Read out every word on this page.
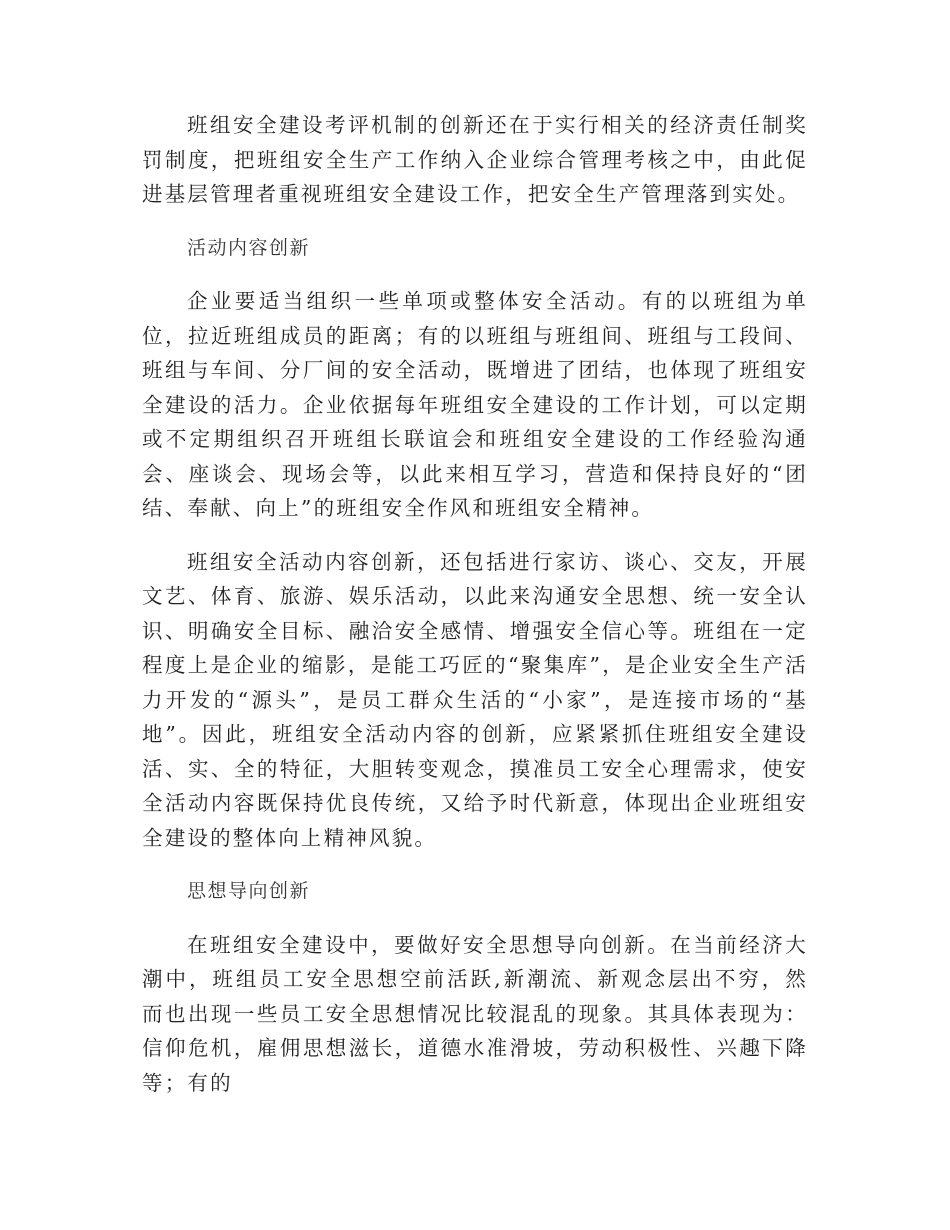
班组安全建设考评机制的创新还在于实行相关的经济责任制奖罚制度，把班组安全生产工作纳入企业综合管理考核之中，由此促进基层管理者重视班组安全建设工作，把安全生产管理落到实处。

活动内容创新

企业要适当组织一些单项或整体安全活动。有的以班组为单位，拉近班组成员的距离；有的以班组与班组间、班组与工段间、班组与车间、分厂间的安全活动，既增进了团结，也体现了班组安全建设的活力。企业依据每年班组安全建设的工作计划，可以定期或不定期组织召开班组长联谊会和班组安全建设的工作经验沟通会、座谈会、现场会等，以此来相互学习，营造和保持良好的“团结、奉献、向上”的班组安全作风和班组安全精神。

班组安全活动内容创新，还包括进行家访、谈心、交友，开展文艺、体育、旅游、娱乐活动，以此来沟通安全思想、统一安全认识、明确安全目标、融洽安全感情、增强安全信心等。班组在一定程度上是企业的缩影，是能工巧匠的“聚集库”，是企业安全生产活力开发的“源头”，是员工群众生活的“小家”，是连接市场的“基地”。因此，班组安全活动内容的创新，应紧紧抓住班组安全建设活、实、全的特征，大胆转变观念，摸准员工安全心理需求，使安全活动内容既保持优良传统，又给予时代新意，体现出企业班组安全建设的整体向上精神风貌。

思想导向创新

在班组安全建设中，要做好安全思想导向创新。在当前经济大潮中，班组员工安全思想空前活跃,新潮流、新观念层出不穷，然而也出现一些员工安全思想情况比较混乱的现象。其具体表现为：信仰危机，雇佣思想滋长，道德水准滑坡，劳动积极性、兴趣下降等；有的
